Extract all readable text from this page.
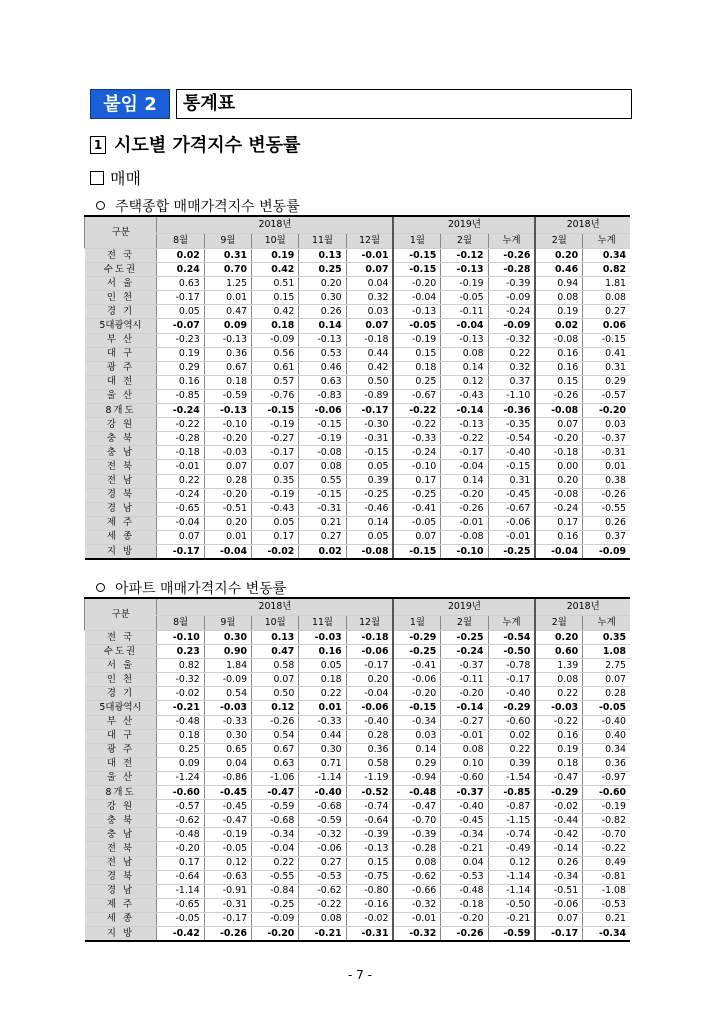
붙임 2	통계표
1 시도별 가격지수 변동률
매매
주택종합 매매가격지수 변동률
구분	2018년					2019년			2018년	
	8월	9월	10월	11월	12월	1월	2월	누계	2월	누계
전 국	0.02	0.31	0.19	0.13	-0.01	-0.15	-0.12	-0.26	0.20	0.34
수도권	0.24	0.70	0.42	0.25	0.07	-0.15	-0.13	-0.28	0.46	0.82
서 울	0.63	1.25	0.51	0.20	0.04	-0.20	-0.19	-0.39	0.94	1.81
인 천	-0.17	0.01	0.15	0.30	0.32	-0.04	-0.05	-0.09	0.08	0.08
경 기	0.05	0.47	0.42	0.26	0.03	-0.13	-0.11	-0.24	0.19	0.27
5대광역시	-0.07	0.09	0.18	0.14	0.07	-0.05	-0.04	-0.09	0.02	0.06
부 산	-0.23	-0.13	-0.09	-0.13	-0.18	-0.19	-0.13	-0.32	-0.08	-0.15
대 구	0.19	0.36	0.56	0.53	0.44	0.15	0.08	0.22	0.16	0.41
광 주	0.29	0.67	0.61	0.46	0.42	0.18	0.14	0.32	0.16	0.31
대 전	0.16	0.18	0.57	0.63	0.50	0.25	0.12	0.37	0.15	0.29
울 산	-0.85	-0.59	-0.76	-0.83	-0.89	-0.67	-0.43	-1.10	-0.26	-0.57
8개도	-0.24	-0.13	-0.15	-0.06	-0.17	-0.22	-0.14	-0.36	-0.08	-0.20
강 원	-0.22	-0.10	-0.19	-0.15	-0.30	-0.22	-0.13	-0.35	0.07	0.03
충 북	-0.28	-0.20	-0.27	-0.19	-0.31	-0.33	-0.22	-0.54	-0.20	-0.37
충 남	-0.18	-0.03	-0.17	-0.08	-0.15	-0.24	-0.17	-0.40	-0.18	-0.31
전 북	-0.01	0.07	0.07	0.08	0.05	-0.10	-0.04	-0.15	0.00	0.01
전 남	0.22	0.28	0.35	0.55	0.39	0.17	0.14	0.31	0.20	0.38
경 북	-0.24	-0.20	-0.19	-0.15	-0.25	-0.25	-0.20	-0.45	-0.08	-0.26
경 남	-0.65	-0.51	-0.43	-0.31	-0.46	-0.41	-0.26	-0.67	-0.24	-0.55
제 주	-0.04	0.20	0.05	0.21	0.14	-0.05	-0.01	-0.06	0.17	0.26
세 종	0.07	0.01	0.17	0.27	0.05	0.07	-0.08	-0.01	0.16	0.37
지 방	-0.17	-0.04	-0.02	0.02	-0.08	-0.15	-0.10	-0.25	-0.04	-0.09
아파트 매매가격지수 변동률
구분	2018년					2019년			2018년	
	8월	9월	10월	11월	12월	1월	2월	누계	2월	누계
전 국	-0.10	0.30	0.13	-0.03	-0.18	-0.29	-0.25	-0.54	0.20	0.35
수도권	0.23	0.90	0.47	0.16	-0.06	-0.25	-0.24	-0.50	0.60	1.08
서 울	0.82	1.84	0.58	0.05	-0.17	-0.41	-0.37	-0.78	1.39	2.75
인 천	-0.32	-0.09	0.07	0.18	0.20	-0.06	-0.11	-0.17	0.08	0.07
경 기	-0.02	0.54	0.50	0.22	-0.04	-0.20	-0.20	-0.40	0.22	0.28
5대광역시	-0.21	-0.03	0.12	0.01	-0.06	-0.15	-0.14	-0.29	-0.03	-0.05
부 산	-0.48	-0.33	-0.26	-0.33	-0.40	-0.34	-0.27	-0.60	-0.22	-0.40
대 구	0.18	0.30	0.54	0.44	0.28	0.03	-0.01	0.02	0.16	0.40
광 주	0.25	0.65	0.67	0.30	0.36	0.14	0.08	0.22	0.19	0.34
대 전	0.09	0.04	0.63	0.71	0.58	0.29	0.10	0.39	0.18	0.36
울 산	-1.24	-0.86	-1.06	-1.14	-1.19	-0.94	-0.60	-1.54	-0.47	-0.97
8개도	-0.60	-0.45	-0.47	-0.40	-0.52	-0.48	-0.37	-0.85	-0.29	-0.60
강 원	-0.57	-0.45	-0.59	-0.68	-0.74	-0.47	-0.40	-0.87	-0.02	-0.19
충 북	-0.62	-0.47	-0.68	-0.59	-0.64	-0.70	-0.45	-1.15	-0.44	-0.82
충 남	-0.48	-0.19	-0.34	-0.32	-0.39	-0.39	-0.34	-0.74	-0.42	-0.70
전 북	-0.20	-0.05	-0.04	-0.06	-0.13	-0.28	-0.21	-0.49	-0.14	-0.22
전 남	0.17	0.12	0.22	0.27	0.15	0.08	0.04	0.12	0.26	0.49
경 북	-0.64	-0.63	-0.55	-0.53	-0.75	-0.62	-0.53	-1.14	-0.34	-0.81
경 남	-1.14	-0.91	-0.84	-0.62	-0.80	-0.66	-0.48	-1.14	-0.51	-1.08
제 주	-0.65	-0.31	-0.25	-0.22	-0.16	-0.32	-0.18	-0.50	-0.06	-0.53
세 종	-0.05	-0.17	-0.09	0.08	-0.02	-0.01	-0.20	-0.21	0.07	0.21
지 방	-0.42	-0.26	-0.20	-0.21	-0.31	-0.32	-0.26	-0.59	-0.17	-0.34
- 7 -
